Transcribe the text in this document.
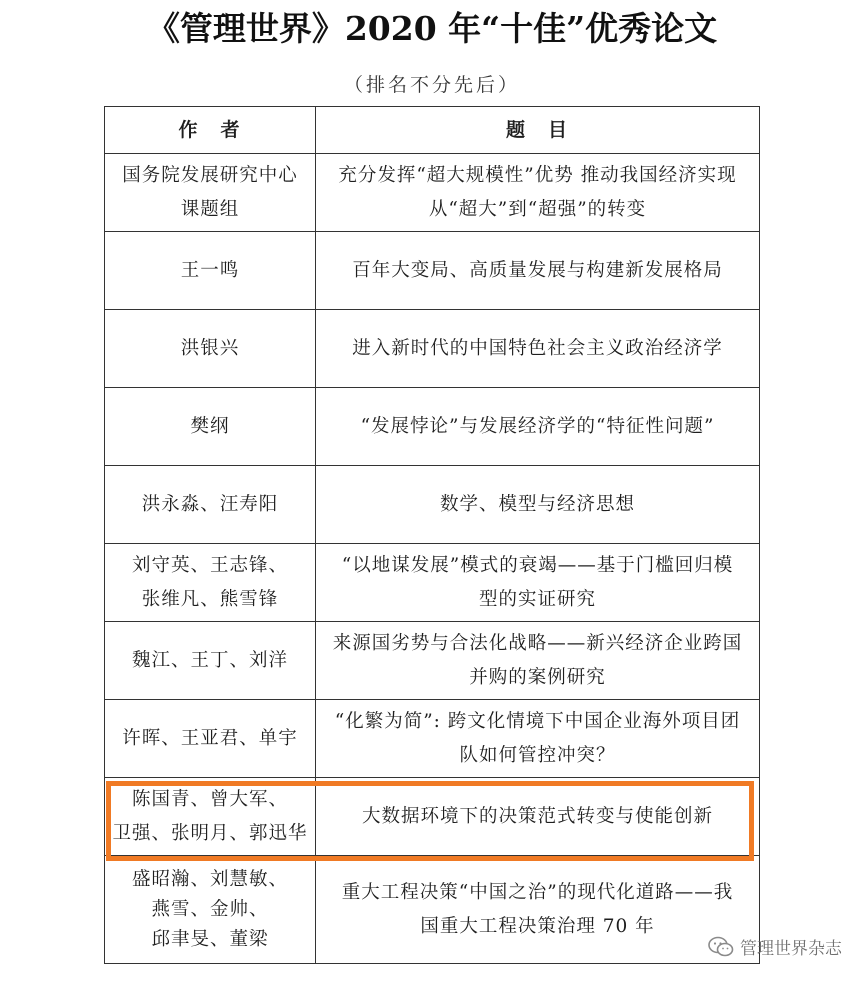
《管理世界》2020 年“十佳”优秀论文
（排名不分先后）
作　者	题　目

国务院发展研究中心
课题组	充分发挥“超大规模性”优势 推动我国经济实现
从“超大”到“超强”的转变

王一鸣	百年大变局、高质量发展与构建新发展格局
洪银兴	进入新时代的中国特色社会主义政治经济学
樊纲	“发展悖论”与发展经济学的“特征性问题”
洪永淼、汪寿阳	数学、模型与经济思想

刘守英、王志锋、
张维凡、熊雪锋	“以地谋发展”模式的衰竭——基于门槛回归模
型的实证研究

魏江、王丁、刘洋	来源国劣势与合法化战略——新兴经济企业跨国
并购的案例研究

许晖、王亚君、单宇	“化繁为简”: 跨文化情境下中国企业海外项目团
队如何管控冲突？

陈国青、曾大军、
卫强、张明月、郭迅华	大数据环境下的决策范式转变与使能创新

盛昭瀚、刘慧敏、
燕雪、金帅、
邱聿旻、董梁	重大工程决策“中国之治”的现代化道路——我
国重大工程决策治理 70 年
管理世界杂志
